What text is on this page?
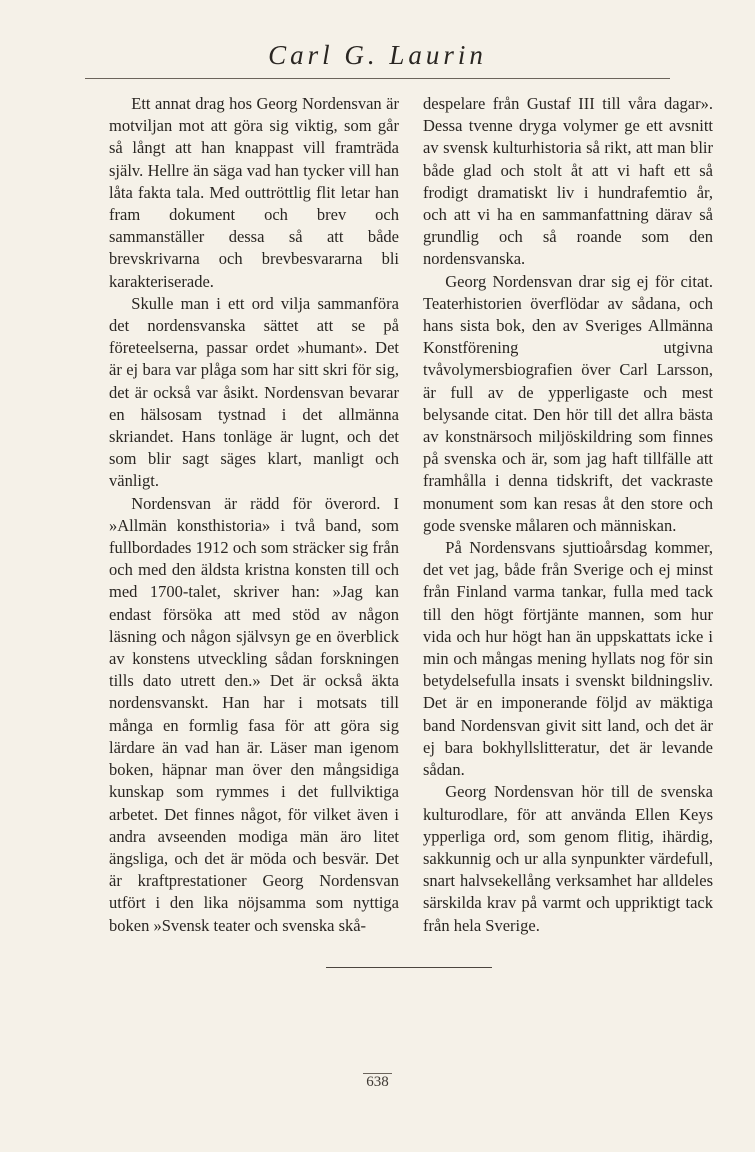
Carl G. Laurin

Ett annat drag hos Georg Nordensvan är motviljan mot att göra sig viktig, som går så långt att han knappast vill framträda själv. Hellre än säga vad han tycker vill han låta fakta tala. Med outtröttlig flit letar han fram dokument och brev och sammanställer dessa så att både brevskrivarna och brevbesvararna bli karakteriserade.

Skulle man i ett ord vilja sammanföra det nordensvanska sättet att se på företeelserna, passar ordet »humant». Det är ej bara var plåga som har sitt skri för sig, det är också var åsikt. Nordensvan bevarar en hälsosam tystnad i det allmänna skriandet. Hans tonläge är lugnt, och det som blir sagt säges klart, manligt och vänligt.

Nordensvan är rädd för överord. I »Allmän konsthistoria» i två band, som fullbordades 1912 och som sträcker sig från och med den äldsta kristna konsten till och med 1700-talet, skriver han: »Jag kan endast försöka att med stöd av någon läsning och någon självsyn ge en överblick av konstens utveckling sådan forskningen tills dato utrett den.» Det är också äkta nordensvanskt. Han har i motsats till många en formlig fasa för att göra sig lärdare än vad han är. Läser man igenom boken, häpnar man över den mångsidiga kunskap som rymmes i det fullviktiga arbetet. Det finnes något, för vilket även i andra avseenden modiga män äro litet ängsliga, och det är möda och besvär. Det är kraftprestationer Georg Nordensvan utfört i den lika nöjsamma som nyttiga boken »Svensk teater och svenska skå-

despelare från Gustaf III till våra dagar». Dessa tvenne dryga volymer ge ett avsnitt av svensk kulturhistoria så rikt, att man blir både glad och stolt åt att vi haft ett så frodigt dramatiskt liv i hundrafemtio år, och att vi ha en sammanfattning därav så grundlig och så roande som den nordensvanska.

Georg Nordensvan drar sig ej för citat. Teaterhistorien överflödar av sådana, och hans sista bok, den av Sveriges Allmänna Konstförening utgivna tvåvolymersbiografien över Carl Larsson, är full av de ypperligaste och mest belysande citat. Den hör till det allra bästa av konstnärsoch miljöskildring som finnes på svenska och är, som jag haft tillfälle att framhålla i denna tidskrift, det vackraste monument som kan resas åt den store och gode svenske målaren och människan.

På Nordensvans sjuttioårsdag kommer, det vet jag, både från Sverige och ej minst från Finland varma tankar, fulla med tack till den högt förtjänte mannen, som hur vida och hur högt han än uppskattats icke i min och mångas mening hyllats nog för sin betydelsefulla insats i svenskt bildningsliv. Det är en imponerande följd av mäktiga band Nordensvan givit sitt land, och det är ej bara bokhyllslitteratur, det är levande sådan.

Georg Nordensvan hör till de svenska kulturodlare, för att använda Ellen Keys ypperliga ord, som genom flitig, ihärdig, sakkunnig och ur alla synpunkter värdefull, snart halvsekellång verksamhet har alldeles särskilda krav på varmt och uppriktigt tack från hela Sverige.

638
